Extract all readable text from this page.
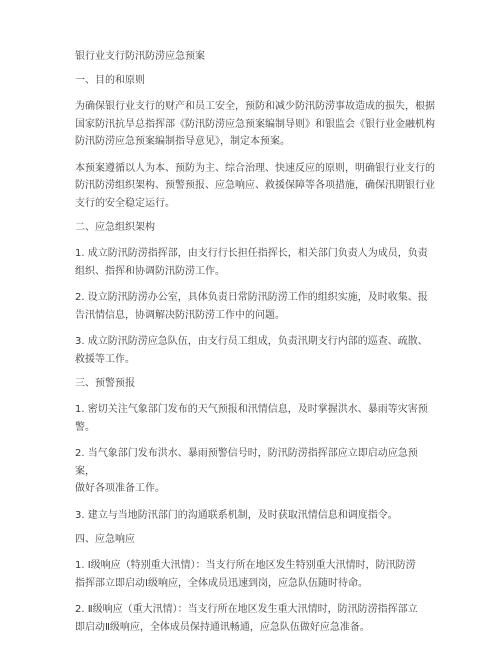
银行业支行防汛防涝应急预案
一、目的和原则
为确保银行业支行的财产和员工安全，预防和减少防汛防涝事故造成的损失，根据
国家防汛抗旱总指挥部《防汛防涝应急预案编制导则》和银监会《银行业金融机构
防汛防涝应急预案编制指导意见》，制定本预案。
本预案遵循以人为本、预防为主、综合治理、快速反应的原则，明确银行业支行的
防汛防涝组织架构、预警预报、应急响应、救援保障等各项措施，确保汛期银行业
支行的安全稳定运行。
二、应急组织架构
1. 成立防汛防涝指挥部，由支行行长担任指挥长，相关部门负责人为成员，负责
组织、指挥和协调防汛防涝工作。
2. 设立防汛防涝办公室，具体负责日常防汛防涝工作的组织实施，及时收集、报
告汛情信息，协调解决防汛防涝工作中的问题。
3. 成立防汛防涝应急队伍，由支行员工组成，负责汛期支行内部的巡查、疏散、
救援等工作。
三、预警预报
1. 密切关注气象部门发布的天气预报和汛情信息，及时掌握洪水、暴雨等灾害预
警。
2. 当气象部门发布洪水、暴雨预警信号时，防汛防涝指挥部应立即启动应急预案，
做好各项准备工作。
3. 建立与当地防汛部门的沟通联系机制，及时获取汛情信息和调度指令。
四、应急响应
1. Ⅰ级响应（特别重大汛情）：当支行所在地区发生特别重大汛情时，防汛防涝
指挥部立即启动Ⅰ级响应，全体成员迅速到岗，应急队伍随时待命。
2. Ⅱ级响应（重大汛情）：当支行所在地区发生重大汛情时，防汛防涝指挥部立
即启动Ⅱ级响应，全体成员保持通讯畅通，应急队伍做好应急准备。
